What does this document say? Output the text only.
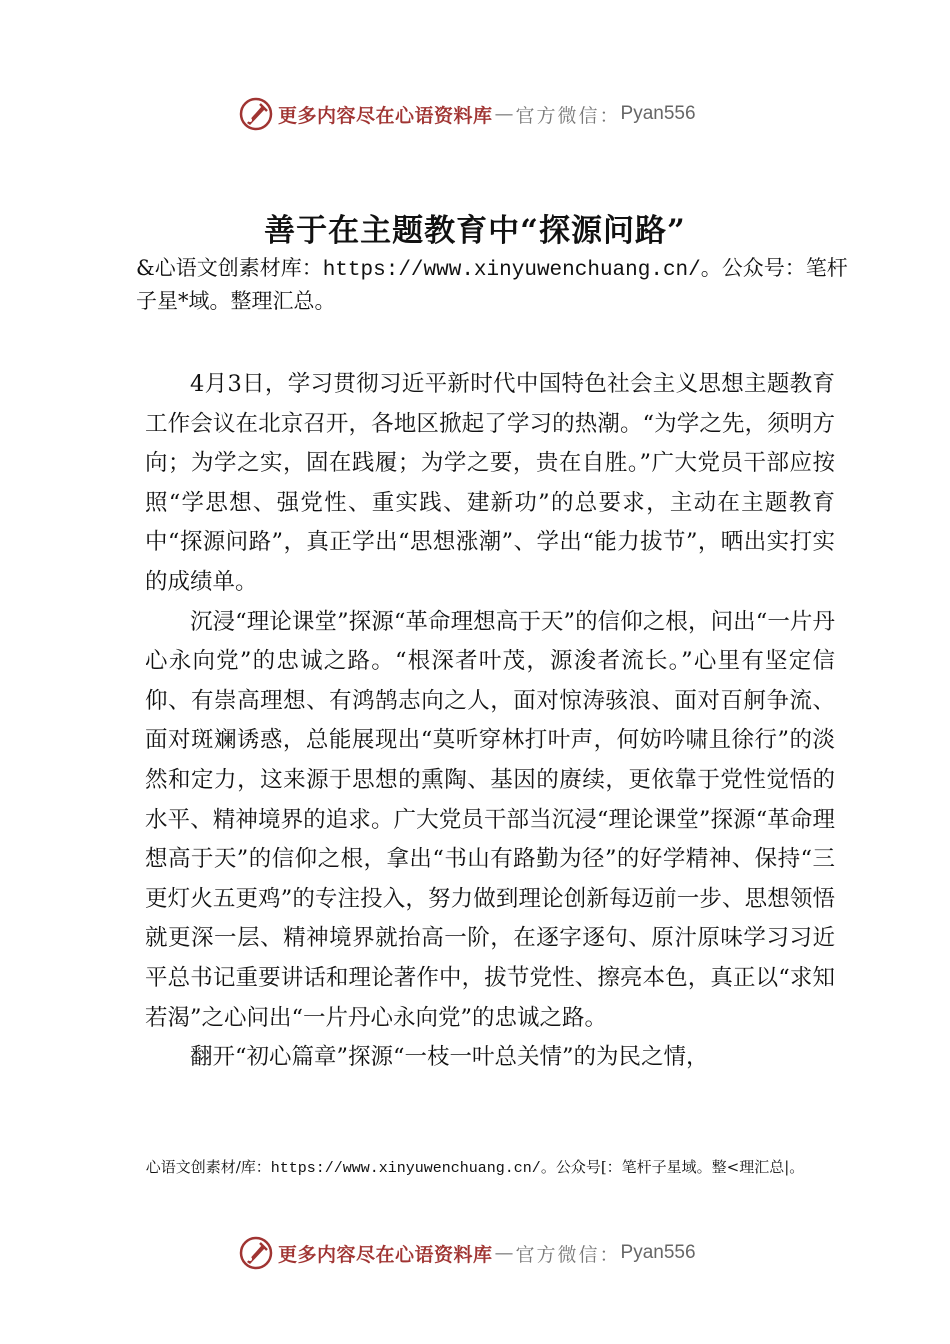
更多内容尽在心语资料库 — 官方微信： Pyan556
善于在主题教育中“探源问路”
&心语文创素材库：https://www.xinyuwenchuang.cn/。公众号：笔杆子星*域。整理汇总。

4月3日，学习贯彻习近平新时代中国特色社会主义思想主题教育工作会议在北京召开，各地区掀起了学习的热潮。“为学之先，须明方向；为学之实，固在践履；为学之要，贵在自胜。”广大党员干部应按照“学思想、强党性、重实践、建新功”的总要求，主动在主题教育中“探源问路”，真正学出“思想涨潮”、学出“能力拔节”，晒出实打实的成绩单。

沉浸“理论课堂”探源“革命理想高于天”的信仰之根，问出“一片丹心永向党”的忠诚之路。“根深者叶茂，源浚者流长。”心里有坚定信仰、有崇高理想、有鸿鹄志向之人，面对惊涛骇浪、面对百舸争流、面对斑斓诱惑，总能展现出“莫听穿林打叶声，何妨吟啸且徐行”的淡然和定力，这来源于思想的熏陶、基因的赓续，更依靠于党性觉悟的水平、精神境界的追求。广大党员干部当沉浸“理论课堂”探源“革命理想高于天”的信仰之根，拿出“书山有路勤为径”的好学精神、保持“三更灯火五更鸡”的专注投入，努力做到理论创新每迈前一步、思想领悟就更深一层、精神境界就抬高一阶，在逐字逐句、原汁原味学习习近平总书记重要讲话和理论著作中，拔节党性、擦亮本色，真正以“求知若渴”之心问出“一片丹心永向党”的忠诚之路。

翻开“初心篇章”探源“一枝一叶总关情”的为民之情，

心语文创素材/库：https://www.xinyuwenchuang.cn/。公众号[：笔杆子星域。整<理汇总|。
更多内容尽在心语资料库 — 官方微信： Pyan556
